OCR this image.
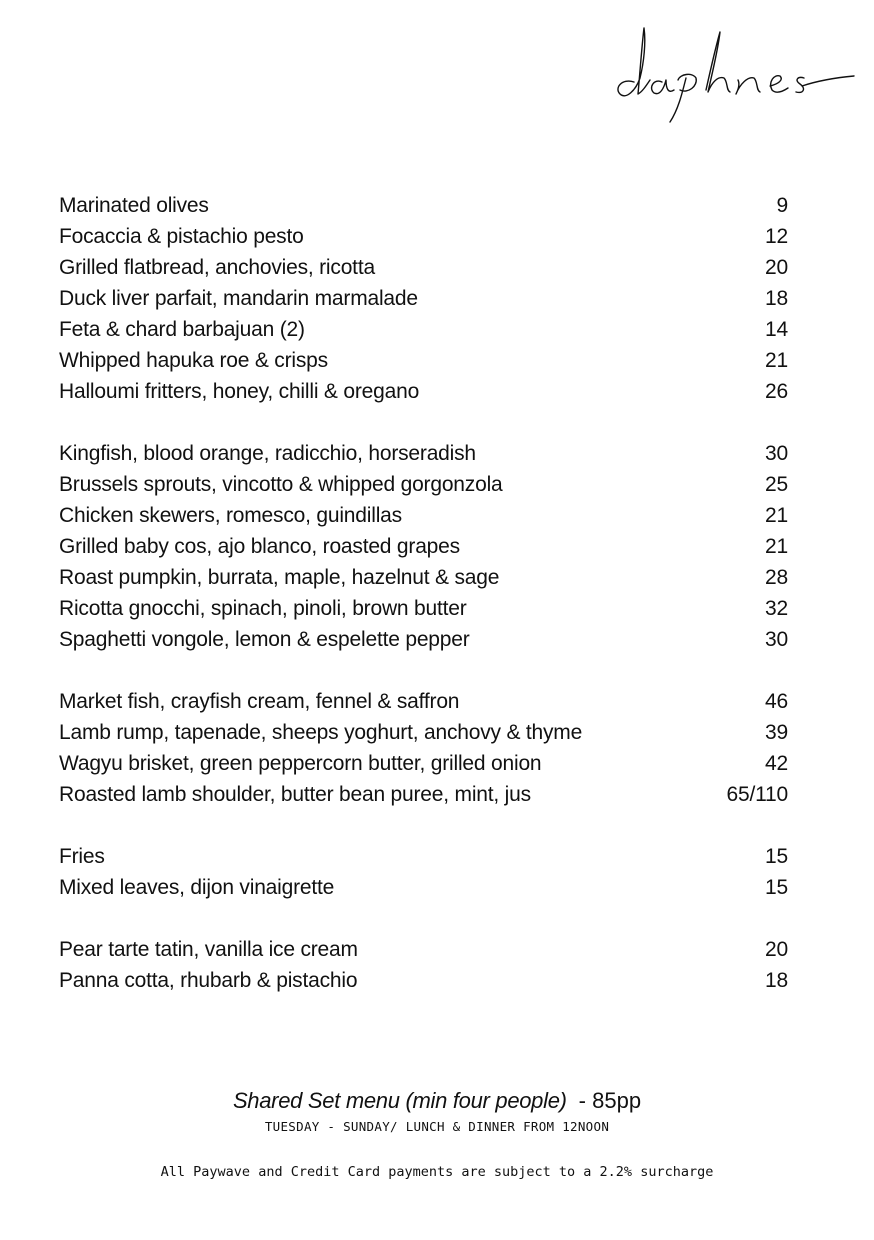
Marinated olives	9
Focaccia & pistachio pesto	12
Grilled flatbread, anchovies, ricotta	20
Duck liver parfait, mandarin marmalade	18
Feta & chard barbajuan (2)	14
Whipped hapuka roe & crisps	21
Halloumi fritters, honey, chilli & oregano	26
Kingfish, blood orange, radicchio, horseradish	30
Brussels sprouts, vincotto & whipped gorgonzola	25
Chicken skewers, romesco, guindillas	21
Grilled baby cos, ajo blanco, roasted grapes	21
Roast pumpkin, burrata, maple, hazelnut & sage	28
Ricotta gnocchi, spinach, pinoli, brown butter	32
Spaghetti vongole, lemon & espelette pepper	30
Market fish, crayfish cream, fennel & saffron	46
Lamb rump, tapenade, sheeps yoghurt, anchovy & thyme	39
Wagyu brisket, green peppercorn butter, grilled onion	42
Roasted lamb shoulder, butter bean puree, mint, jus	65/110
Fries	15
Mixed leaves, dijon vinaigrette	15
Pear tarte tatin, vanilla ice cream	20
Panna cotta, rhubarb & pistachio	18
Shared Set menu (min four people) - 85pp
TUESDAY - SUNDAY/ LUNCH & DINNER FROM 12NOON
All Paywave and Credit Card payments are subject to a 2.2% surcharge
